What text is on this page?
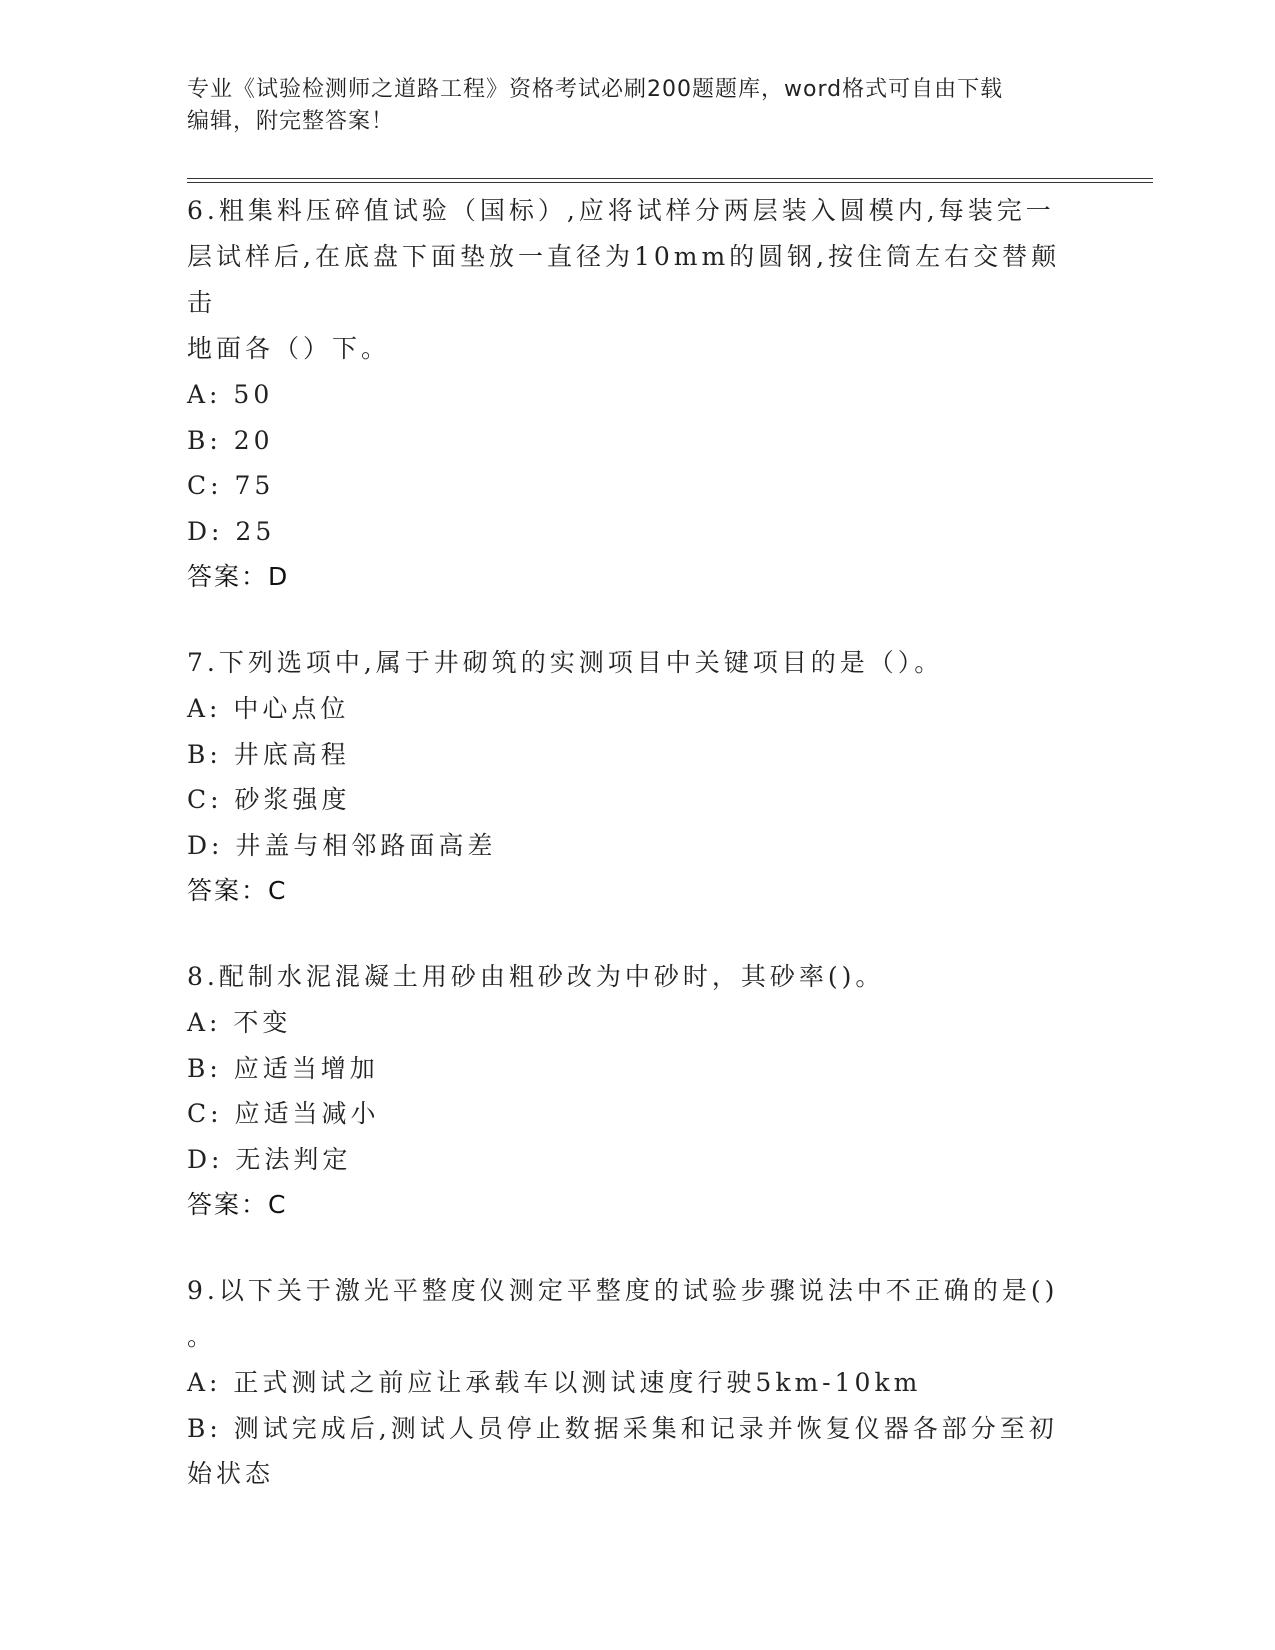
专业《试验检测师之道路工程》资格考试必刷200题题库，word格式可自由下载
编辑，附完整答案！
6.粗集料压碎值试验（国标）,应将试样分两层装入圆模内,每装完一
层试样后,在底盘下面垫放一直径为10mm的圆钢,按住筒左右交替颠击
地面各（）下。
A: 50
B: 20
C: 75
D: 25
答案：D
7.下列选项中,属于井砌筑的实测项目中关键项目的是（）。
A: 中心点位
B: 井底高程
C: 砂浆强度
D: 井盖与相邻路面高差
答案：C
8.配制水泥混凝土用砂由粗砂改为中砂时，其砂率()。
A: 不变
B: 应适当增加
C: 应适当减小
D: 无法判定
答案：C
9.以下关于激光平整度仪测定平整度的试验步骤说法中不正确的是()
。
A: 正式测试之前应让承载车以测试速度行驶5km-10km
B: 测试完成后,测试人员停止数据采集和记录并恢复仪器各部分至初
始状态
